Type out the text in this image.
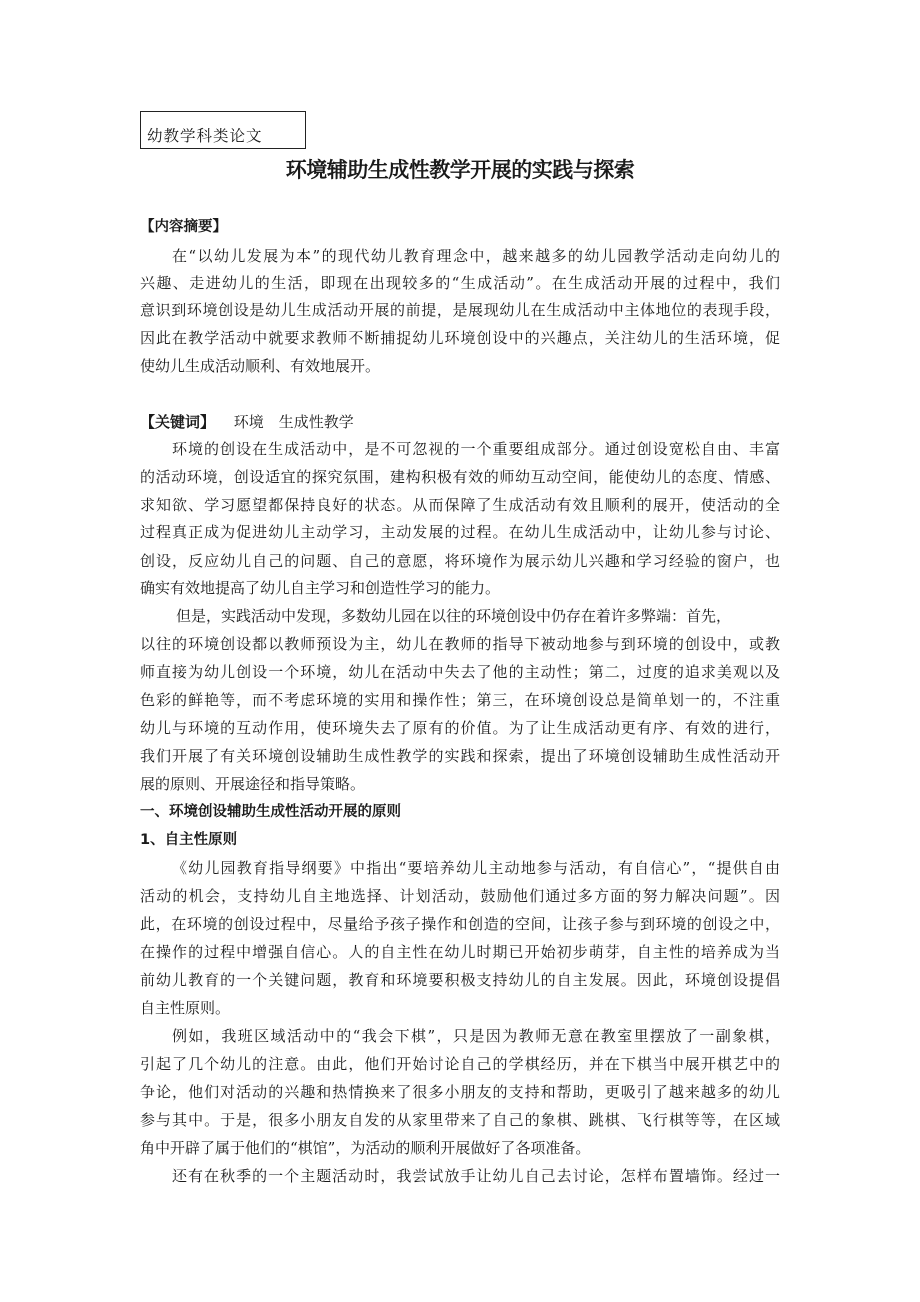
幼教学科类论文
环境辅助生成性教学开展的实践与探索
【内容摘要】
在“以幼儿发展为本”的现代幼儿教育理念中，越来越多的幼儿园教学活动走向幼儿的
兴趣、走进幼儿的生活，即现在出现较多的“生成活动”。在生成活动开展的过程中，我们
意识到环境创设是幼儿生成活动开展的前提，是展现幼儿在生成活动中主体地位的表现手段，
因此在教学活动中就要求教师不断捕捉幼儿环境创设中的兴趣点，关注幼儿的生活环境，促
使幼儿生成活动顺利、有效地展开。
【关键词】 环境　生成性教学
环境的创设在生成活动中，是不可忽视的一个重要组成部分。通过创设宽松自由、丰富
的活动环境，创设适宜的探究氛围，建构积极有效的师幼互动空间，能使幼儿的态度、情感、
求知欲、学习愿望都保持良好的状态。从而保障了生成活动有效且顺利的展开，使活动的全
过程真正成为促进幼儿主动学习，主动发展的过程。在幼儿生成活动中，让幼儿参与讨论、
创设，反应幼儿自己的问题、自己的意愿，将环境作为展示幼儿兴趣和学习经验的窗户，也
确实有效地提高了幼儿自主学习和创造性学习的能力。
但是，实践活动中发现，多数幼儿园在以往的环境创设中仍存在着许多弊端：首先，
以往的环境创设都以教师预设为主，幼儿在教师的指导下被动地参与到环境的创设中，或教
师直接为幼儿创设一个环境，幼儿在活动中失去了他的主动性；第二，过度的追求美观以及
色彩的鲜艳等，而不考虑环境的实用和操作性；第三，在环境创设总是简单划一的，不注重
幼儿与环境的互动作用，使环境失去了原有的价值。为了让生成活动更有序、有效的进行，
我们开展了有关环境创设辅助生成性教学的实践和探索，提出了环境创设辅助生成性活动开
展的原则、开展途径和指导策略。
一、环境创设辅助生成性活动开展的原则
1、自主性原则
《幼儿园教育指导纲要》中指出“要培养幼儿主动地参与活动，有自信心”，“提供自由
活动的机会，支持幼儿自主地选择、计划活动，鼓励他们通过多方面的努力解决问题”。因
此，在环境的创设过程中，尽量给予孩子操作和创造的空间，让孩子参与到环境的创设之中，
在操作的过程中增强自信心。人的自主性在幼儿时期已开始初步萌芽，自主性的培养成为当
前幼儿教育的一个关键问题，教育和环境要积极支持幼儿的自主发展。因此，环境创设提倡
自主性原则。
例如，我班区域活动中的“我会下棋”，只是因为教师无意在教室里摆放了一副象棋，
引起了几个幼儿的注意。由此，他们开始讨论自己的学棋经历，并在下棋当中展开棋艺中的
争论，他们对活动的兴趣和热情换来了很多小朋友的支持和帮助，更吸引了越来越多的幼儿
参与其中。于是，很多小朋友自发的从家里带来了自己的象棋、跳棋、飞行棋等等，在区域
角中开辟了属于他们的“棋馆”，为活动的顺利开展做好了各项准备。
还有在秋季的一个主题活动时，我尝试放手让幼儿自己去讨论，怎样布置墙饰。经过一
